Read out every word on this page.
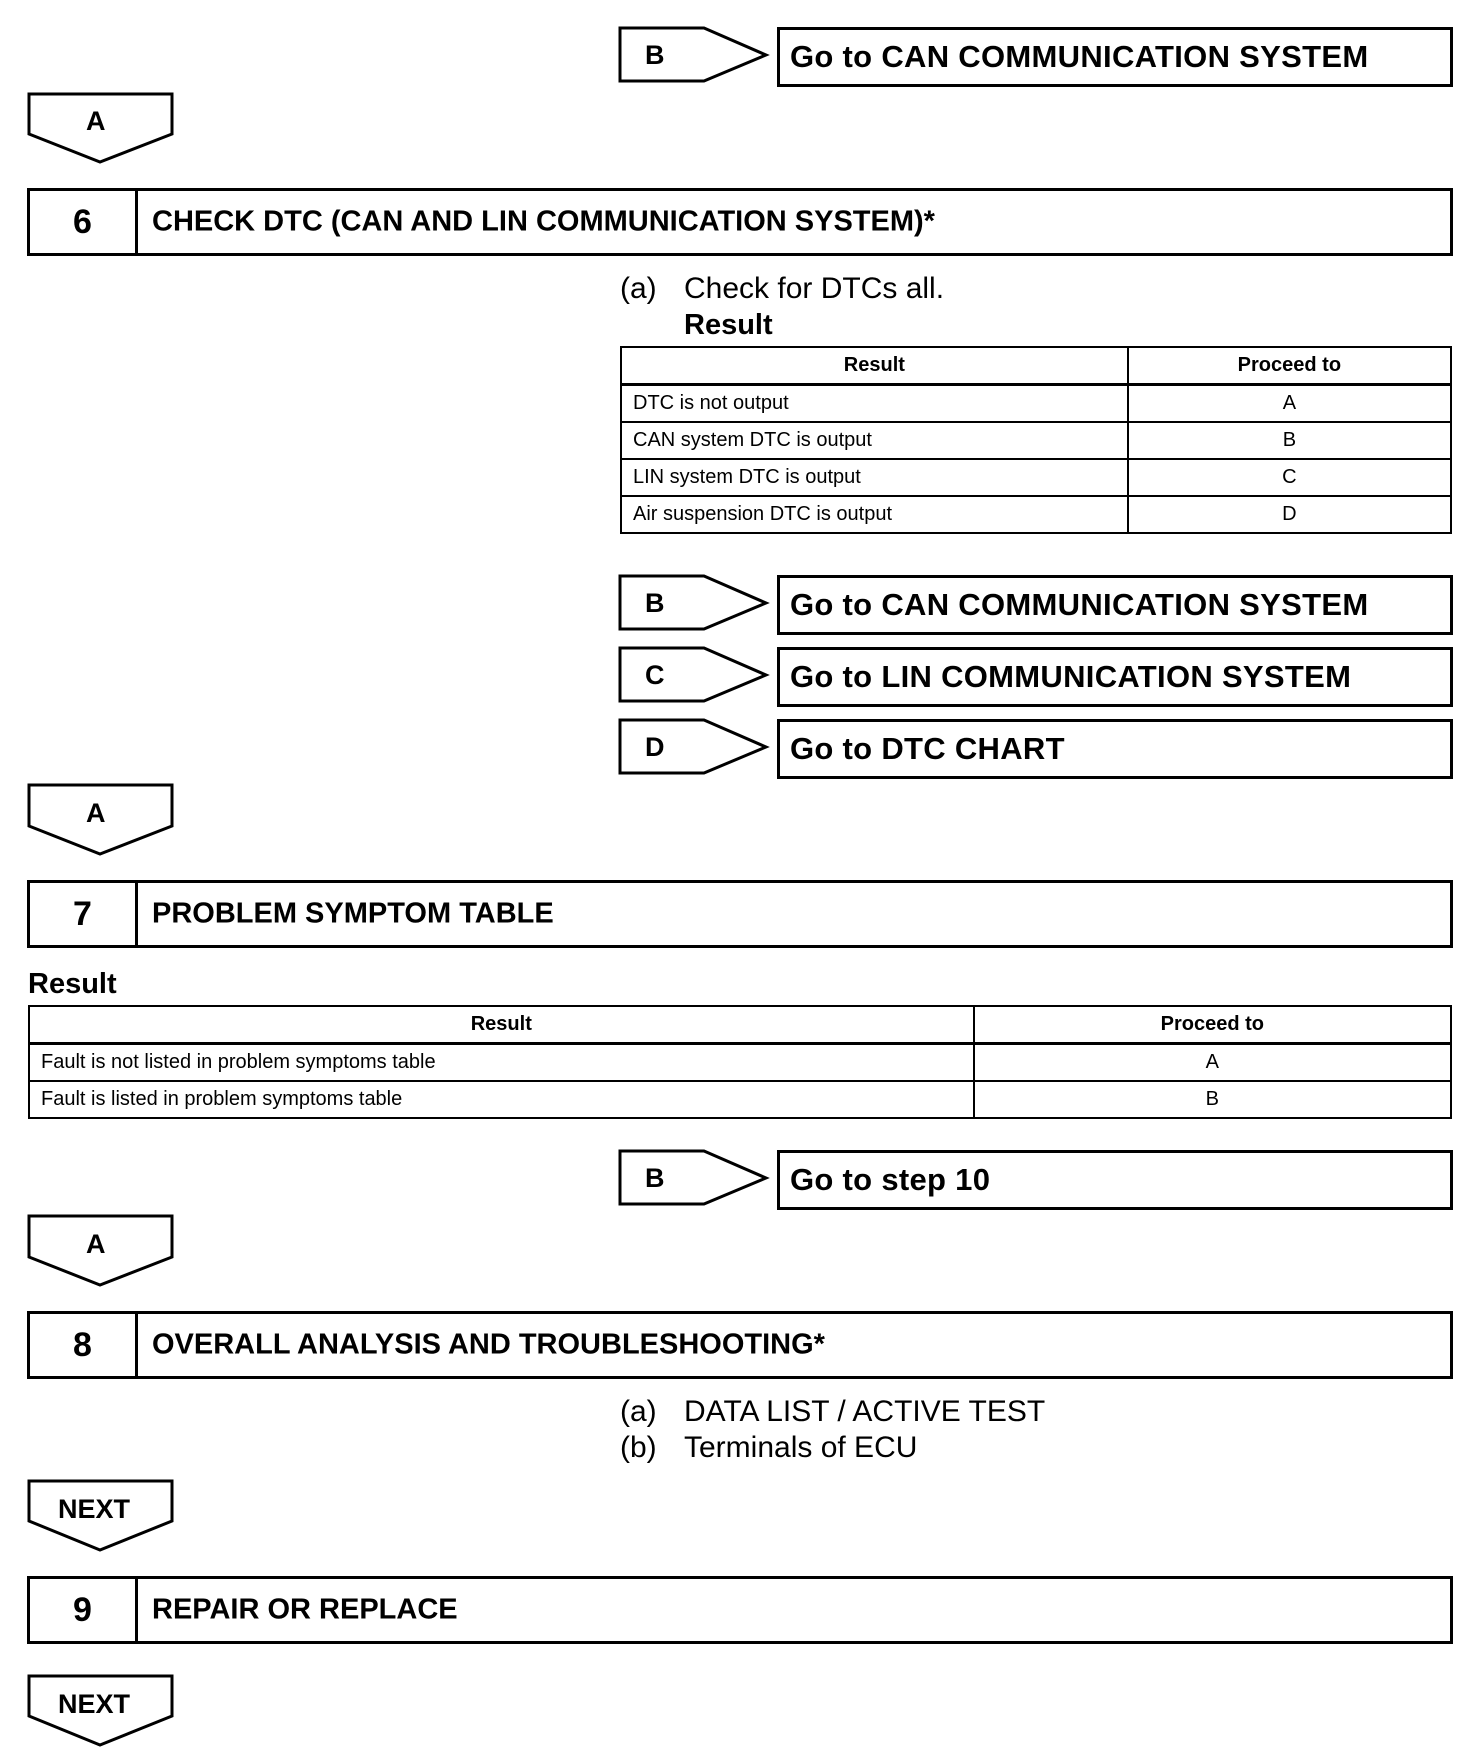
B	Go to CAN COMMUNICATION SYSTEM
A
6	CHECK DTC (CAN AND LIN COMMUNICATION SYSTEM)*
(a) Check for DTCs all.
Result
Result	Proceed to
DTC is not output	A
CAN system DTC is output	B
LIN system DTC is output	C
Air suspension DTC is output	D
B	Go to CAN COMMUNICATION SYSTEM
C	Go to LIN COMMUNICATION SYSTEM
D	Go to DTC CHART
A
7	PROBLEM SYMPTOM TABLE
Result
Result	Proceed to
Fault is not listed in problem symptoms table	A
Fault is listed in problem symptoms table	B
B	Go to step 10
A
8	OVERALL ANALYSIS AND TROUBLESHOOTING*
(a) DATA LIST / ACTIVE TEST
(b) Terminals of ECU
NEXT
9	REPAIR OR REPLACE
NEXT
